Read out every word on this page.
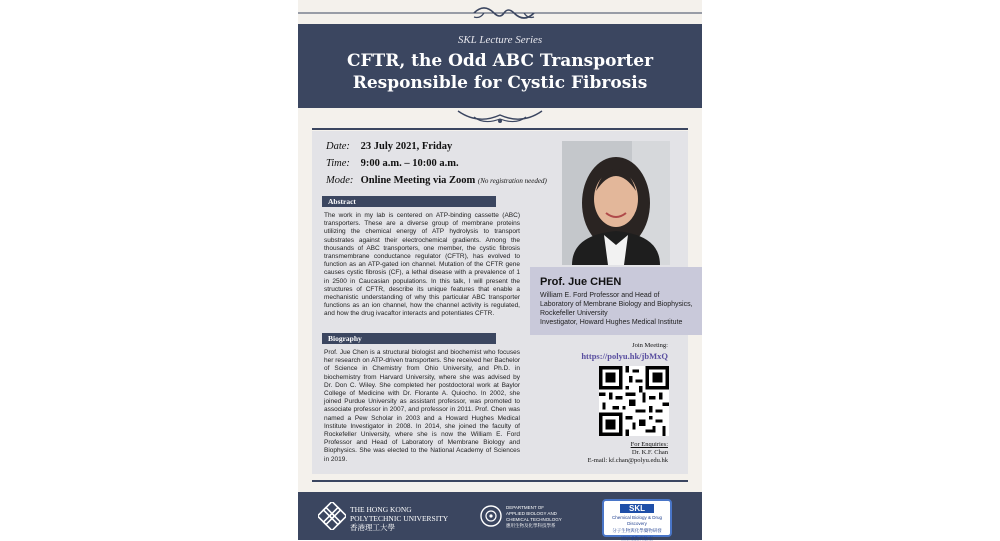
SKL Lecture Series
CFTR, the Odd ABC Transporter
Responsible for Cystic Fibrosis
Date: 23 July 2021, Friday
Time: 9:00 a.m. – 10:00 a.m.
Mode: Online Meeting via Zoom (No registration needed)
Abstract
The work in my lab is centered on ATP-binding cassette (ABC) transporters. These are a diverse group of membrane proteins utilizing the chemical energy of ATP hydrolysis to transport substrates against their electrochemical gradients. Among the thousands of ABC transporters, one member, the cystic fibrosis transmembrane conductance regulator (CFTR), has evolved to function as an ATP-gated ion channel. Mutation of the CFTR gene causes cystic fibrosis (CF), a lethal disease with a prevalence of 1 in 2500 in Caucasian populations. In this talk, I will present the structures of CFTR, describe its unique features that enable a mechanistic understanding of why this particular ABC transporter functions as an ion channel, how the channel activity is regulated, and how the drug ivacaftor interacts and potentiates CFTR.
Biography
Prof. Jue Chen is a structural biologist and biochemist who focuses her research on ATP-driven transporters. She received her Bachelor of Science in Chemistry from Ohio University, and Ph.D. in biochemistry from Harvard University, where she was advised by Dr. Don C. Wiley. She completed her postdoctoral work at Baylor College of Medicine with Dr. Florante A. Quiocho. In 2002, she joined Purdue University as assistant professor, was promoted to associate professor in 2007, and professor in 2011. Prof. Chen was named a Pew Scholar in 2003 and a Howard Hughes Medical Institute Investigator in 2008. In 2014, she joined the faculty of Rockefeller University, where she is now the William E. Ford Professor and Head of Laboratory of Membrane Biology and Biophysics. She was elected to the National Academy of Sciences in 2019.
Prof. Jue CHEN
William E. Ford Professor and Head of
Laboratory of Membrane Biology and Biophysics,
Rockefeller University
Investigator, Howard Hughes Medical Institute
Join Meeting:
https://polyu.hk/jbMxQ
For Enquiries:
Dr. K.F. Chan
E-mail: kf.chan@polyu.edu.hk
THE HONG KONG
POLYTECHNIC UNIVERSITY
香港理工大學
DEPARTMENT OF
APPLIED BIOLOGY AND
CHEMICAL TECHNOLOGY
應用生物及化學科技學系
SKL
Chemical Biology & Drug Discovery
分子生物與化學藥物研發
國家重點實驗室
